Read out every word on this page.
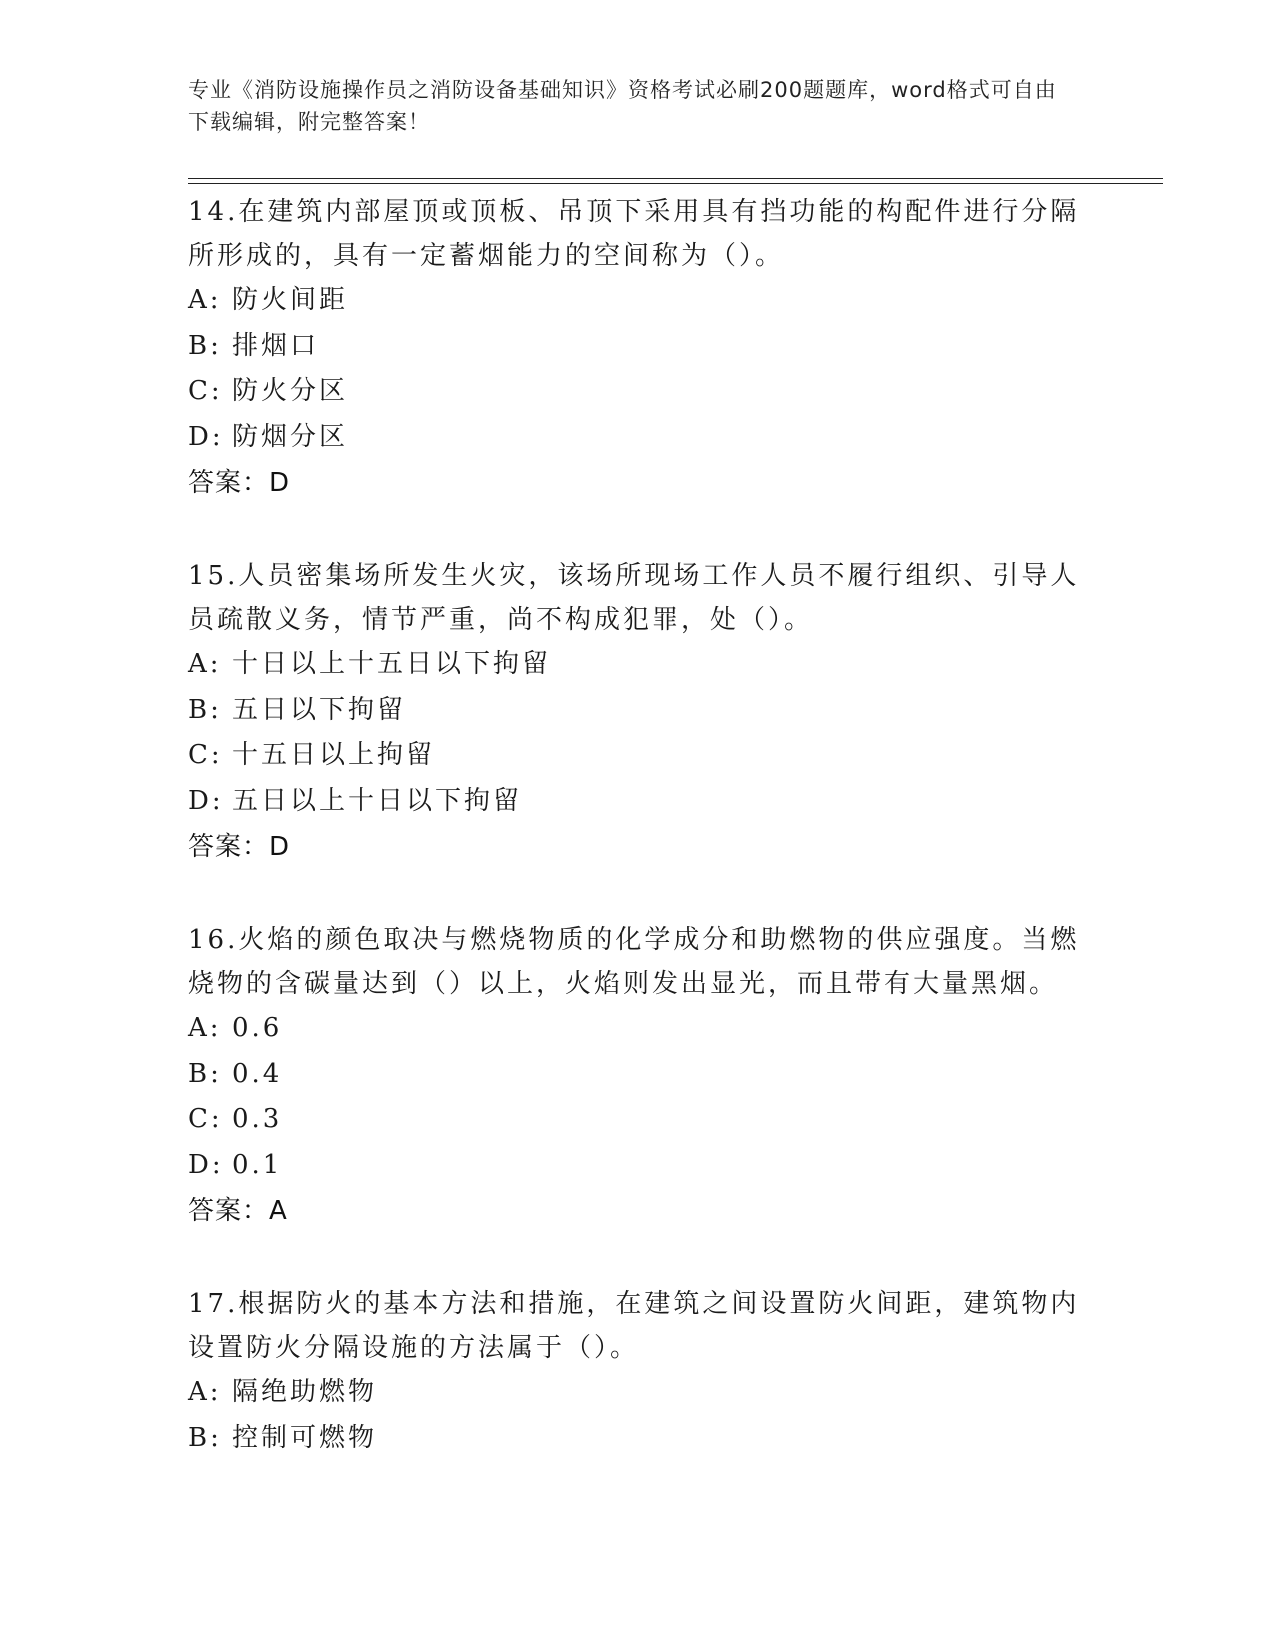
专业《消防设施操作员之消防设备基础知识》资格考试必刷200题题库，word格式可自由下载编辑，附完整答案！

14.在建筑内部屋顶或顶板、吊顶下采用具有挡功能的构配件进行分隔所形成的，具有一定蓄烟能力的空间称为（）。

A: 防火间距
B: 排烟口
C: 防火分区
D: 防烟分区
答案：D

15.人员密集场所发生火灾，该场所现场工作人员不履行组织、引导人员疏散义务，情节严重，尚不构成犯罪，处（）。

A: 十日以上十五日以下拘留
B: 五日以下拘留
C: 十五日以上拘留
D: 五日以上十日以下拘留
答案：D

16.火焰的颜色取决与燃烧物质的化学成分和助燃物的供应强度。当燃烧物的含碳量达到（）以上，火焰则发出显光，而且带有大量黑烟。

A: 0.6
B: 0.4
C: 0.3
D: 0.1
答案：A

17.根据防火的基本方法和措施，在建筑之间设置防火间距，建筑物内设置防火分隔设施的方法属于（）。

A: 隔绝助燃物
B: 控制可燃物
